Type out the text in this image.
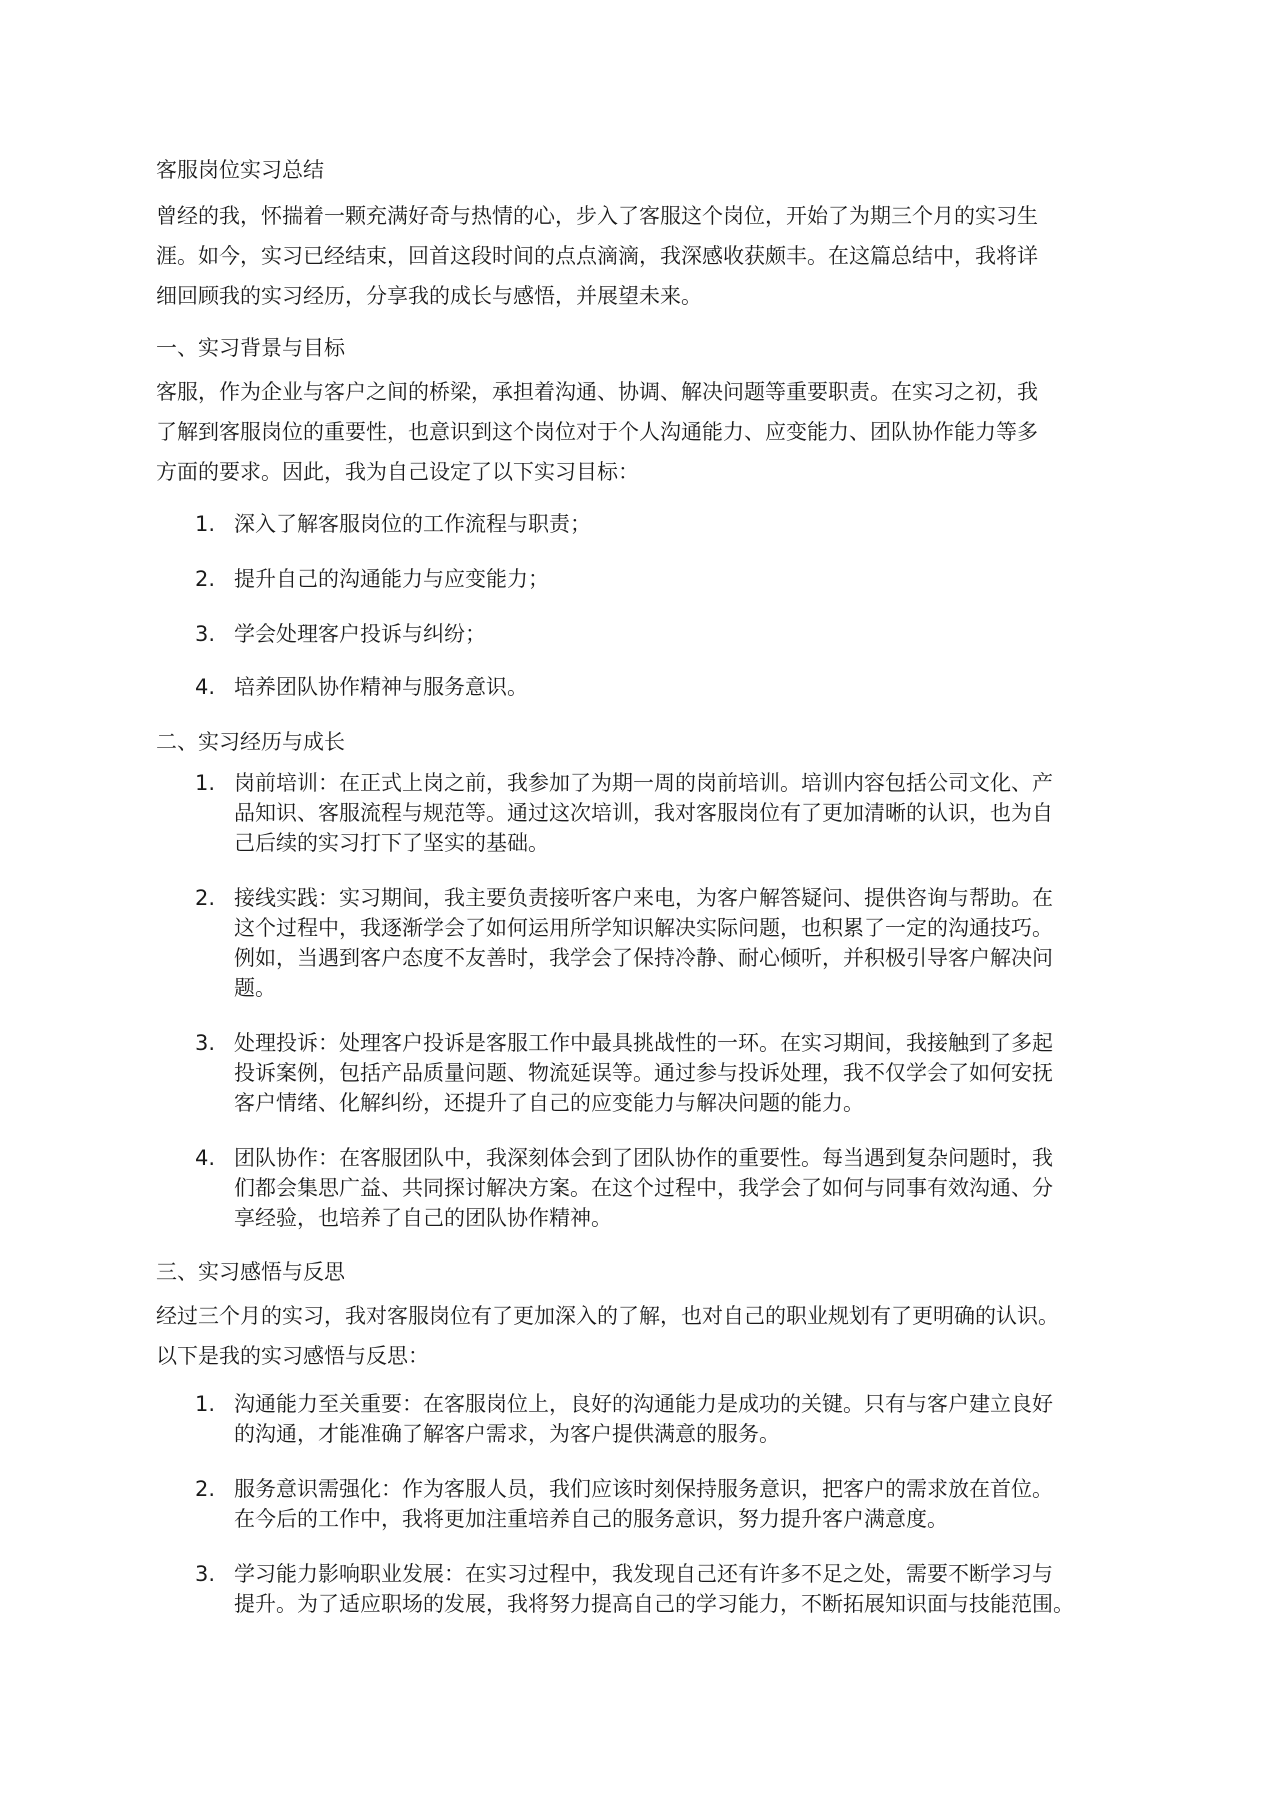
客服岗位实习总结
曾经的我，怀揣着一颗充满好奇与热情的心，步入了客服这个岗位，开始了为期三个月的实习生
涯。如今，实习已经结束，回首这段时间的点点滴滴，我深感收获颇丰。在这篇总结中，我将详
细回顾我的实习经历，分享我的成长与感悟，并展望未来。
一、实习背景与目标
客服，作为企业与客户之间的桥梁，承担着沟通、协调、解决问题等重要职责。在实习之初，我
了解到客服岗位的重要性，也意识到这个岗位对于个人沟通能力、应变能力、团队协作能力等多
方面的要求。因此，我为自己设定了以下实习目标：
1. 深入了解客服岗位的工作流程与职责；
2. 提升自己的沟通能力与应变能力；
3. 学会处理客户投诉与纠纷；
4. 培养团队协作精神与服务意识。
二、实习经历与成长
1. 岗前培训：在正式上岗之前，我参加了为期一周的岗前培训。培训内容包括公司文化、产
品知识、客服流程与规范等。通过这次培训，我对客服岗位有了更加清晰的认识，也为自
己后续的实习打下了坚实的基础。
2. 接线实践：实习期间，我主要负责接听客户来电，为客户解答疑问、提供咨询与帮助。在
这个过程中，我逐渐学会了如何运用所学知识解决实际问题，也积累了一定的沟通技巧。
例如，当遇到客户态度不友善时，我学会了保持冷静、耐心倾听，并积极引导客户解决问
题。
3. 处理投诉：处理客户投诉是客服工作中最具挑战性的一环。在实习期间，我接触到了多起
投诉案例，包括产品质量问题、物流延误等。通过参与投诉处理，我不仅学会了如何安抚
客户情绪、化解纠纷，还提升了自己的应变能力与解决问题的能力。
4. 团队协作：在客服团队中，我深刻体会到了团队协作的重要性。每当遇到复杂问题时，我
们都会集思广益、共同探讨解决方案。在这个过程中，我学会了如何与同事有效沟通、分
享经验，也培养了自己的团队协作精神。
三、实习感悟与反思
经过三个月的实习，我对客服岗位有了更加深入的了解，也对自己的职业规划有了更明确的认识。
以下是我的实习感悟与反思：
1. 沟通能力至关重要：在客服岗位上，良好的沟通能力是成功的关键。只有与客户建立良好
的沟通，才能准确了解客户需求，为客户提供满意的服务。
2. 服务意识需强化：作为客服人员，我们应该时刻保持服务意识，把客户的需求放在首位。
在今后的工作中，我将更加注重培养自己的服务意识，努力提升客户满意度。
3. 学习能力影响职业发展：在实习过程中，我发现自己还有许多不足之处，需要不断学习与
提升。为了适应职场的发展，我将努力提高自己的学习能力，不断拓展知识面与技能范围。
